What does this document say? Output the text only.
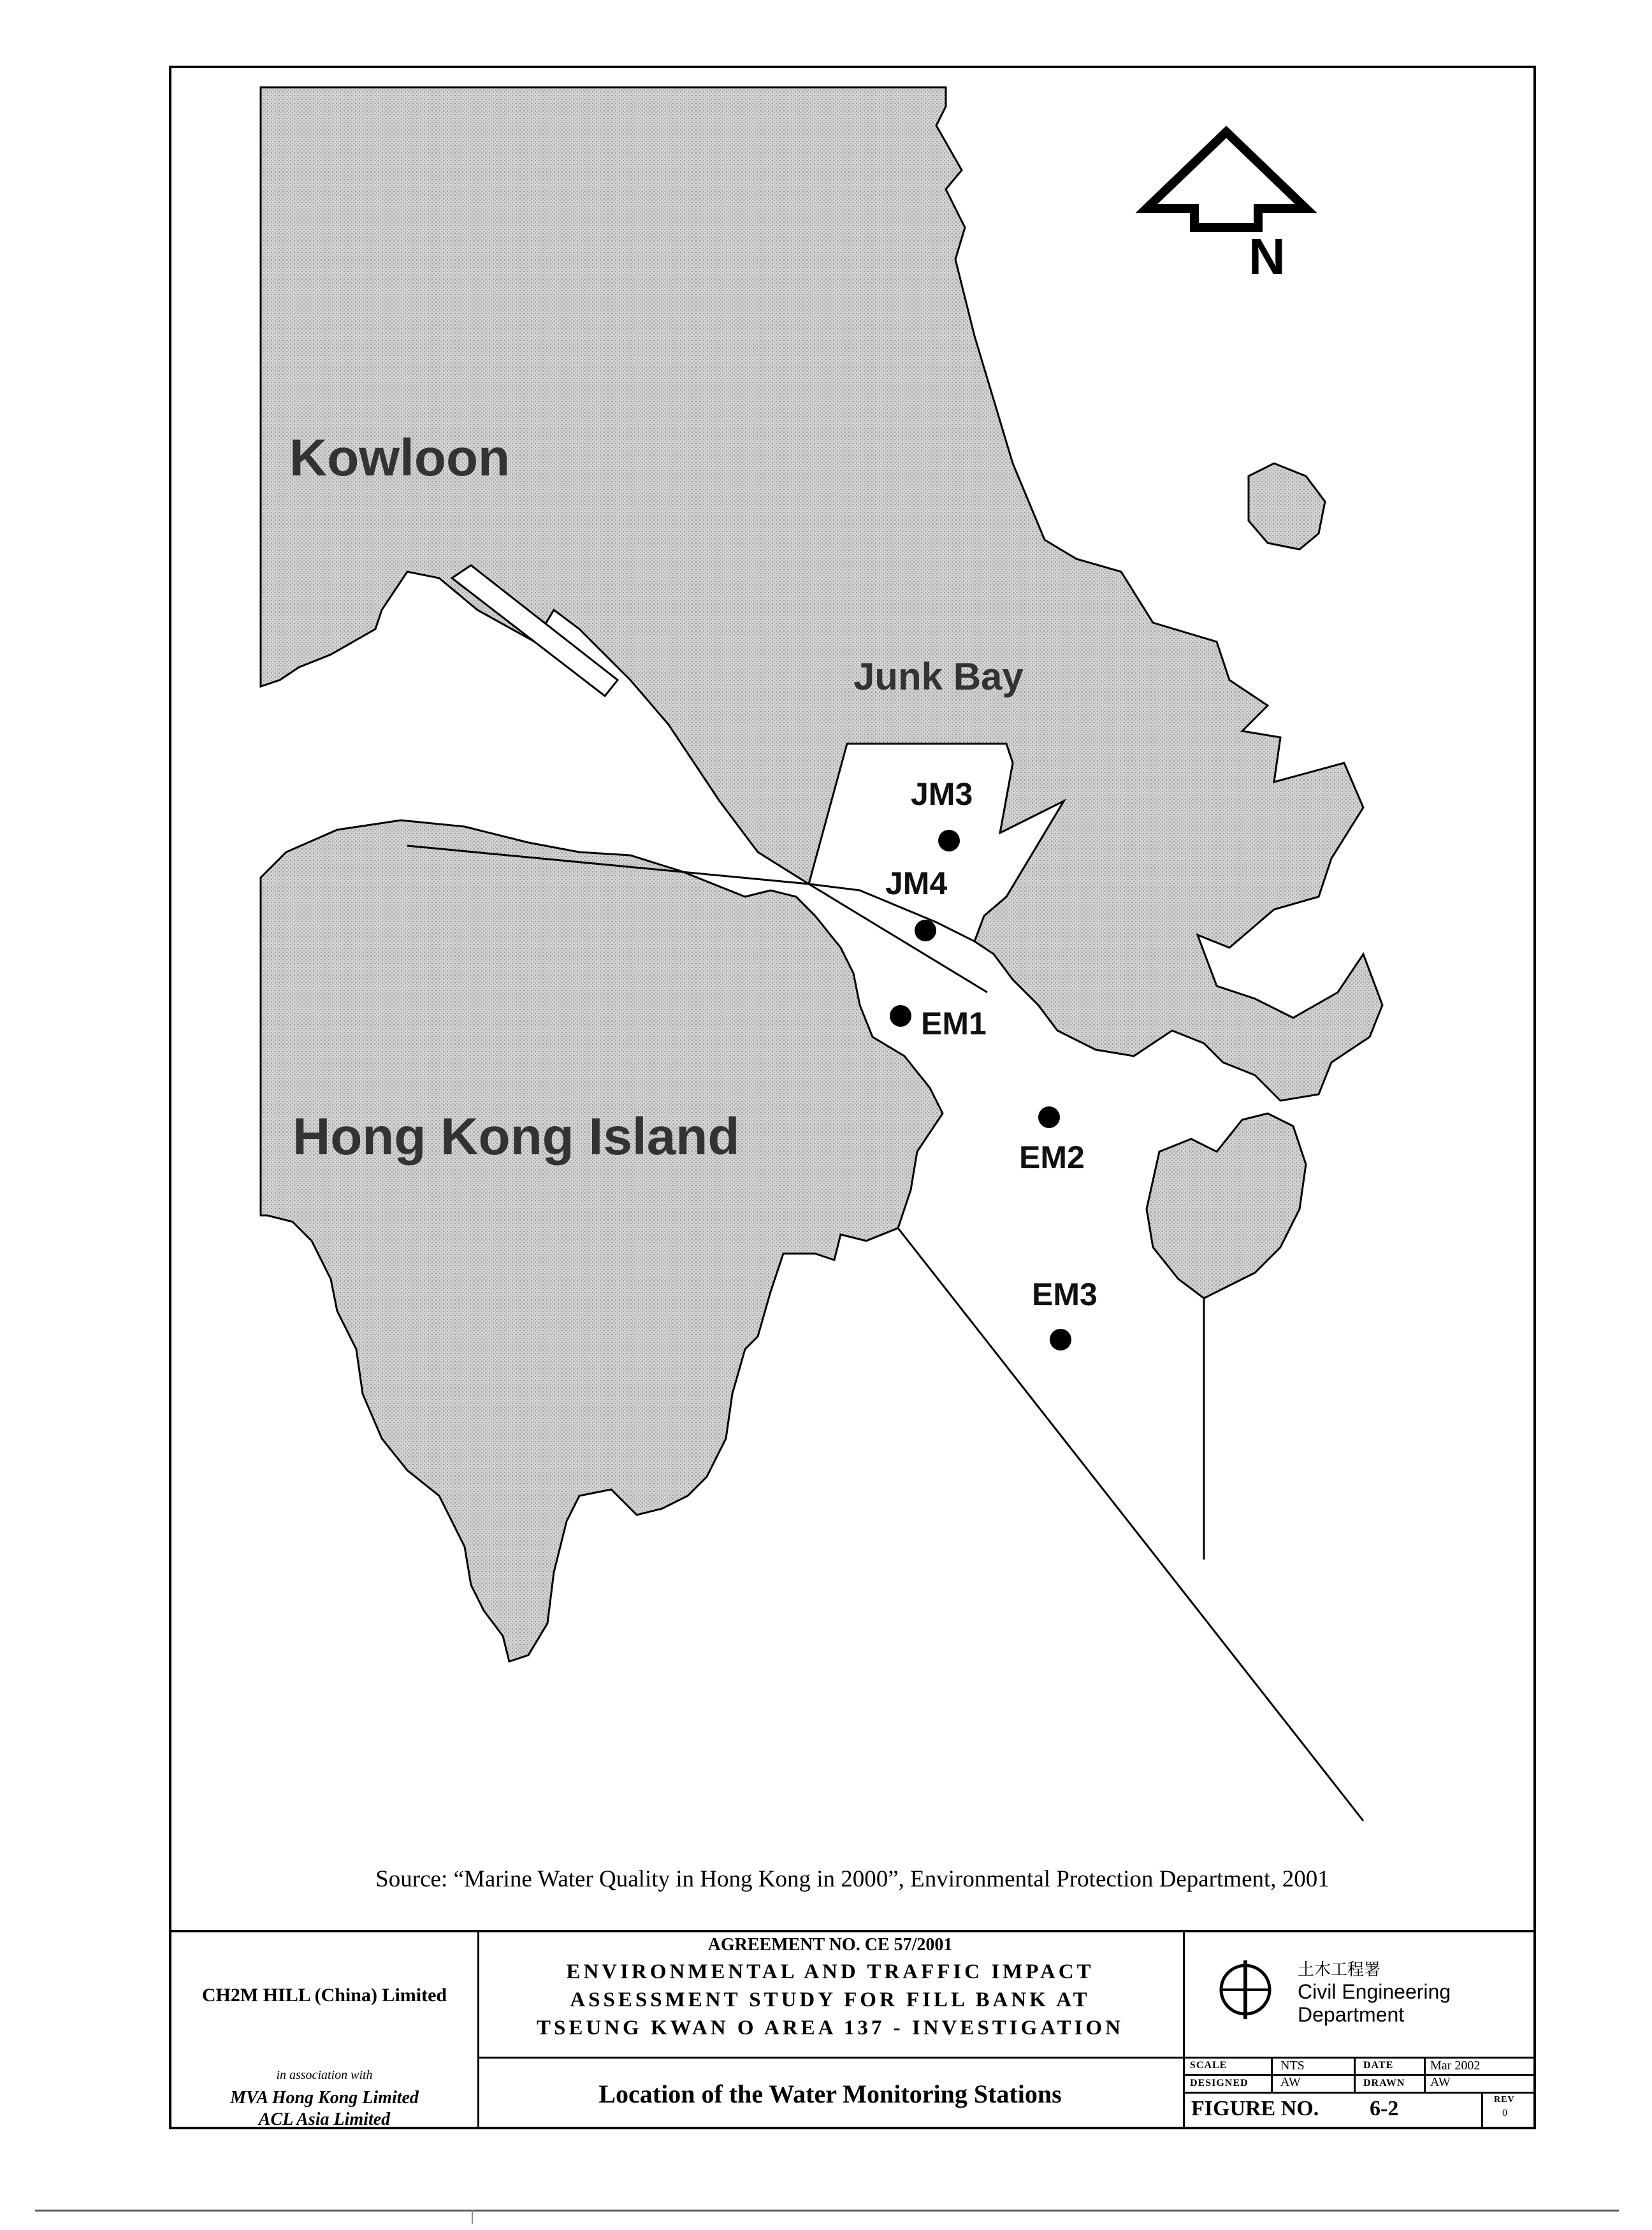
N
Kowloon
Junk Bay
Hong Kong Island
JM3
JM4
EM1
EM2
EM3
Source: “Marine Water Quality in Hong Kong in 2000”, Environmental Protection Department, 2001
CH2M HILL (China) Limited
in association with
MVA Hong Kong Limited
ACL Asia Limited
AGREEMENT NO. CE 57/2001
ENVIRONMENTAL AND TRAFFIC IMPACT
ASSESSMENT STUDY FOR FILL BANK AT
TSEUNG KWAN O AREA 137 - INVESTIGATION
Location of the Water Monitoring Stations
土木工程署
Civil Engineering
Department
SCALE	NTS	DATE	Mar 2002
DESIGNED	AW	DRAWN AW
FIGURE NO. 6-2	REV
0
